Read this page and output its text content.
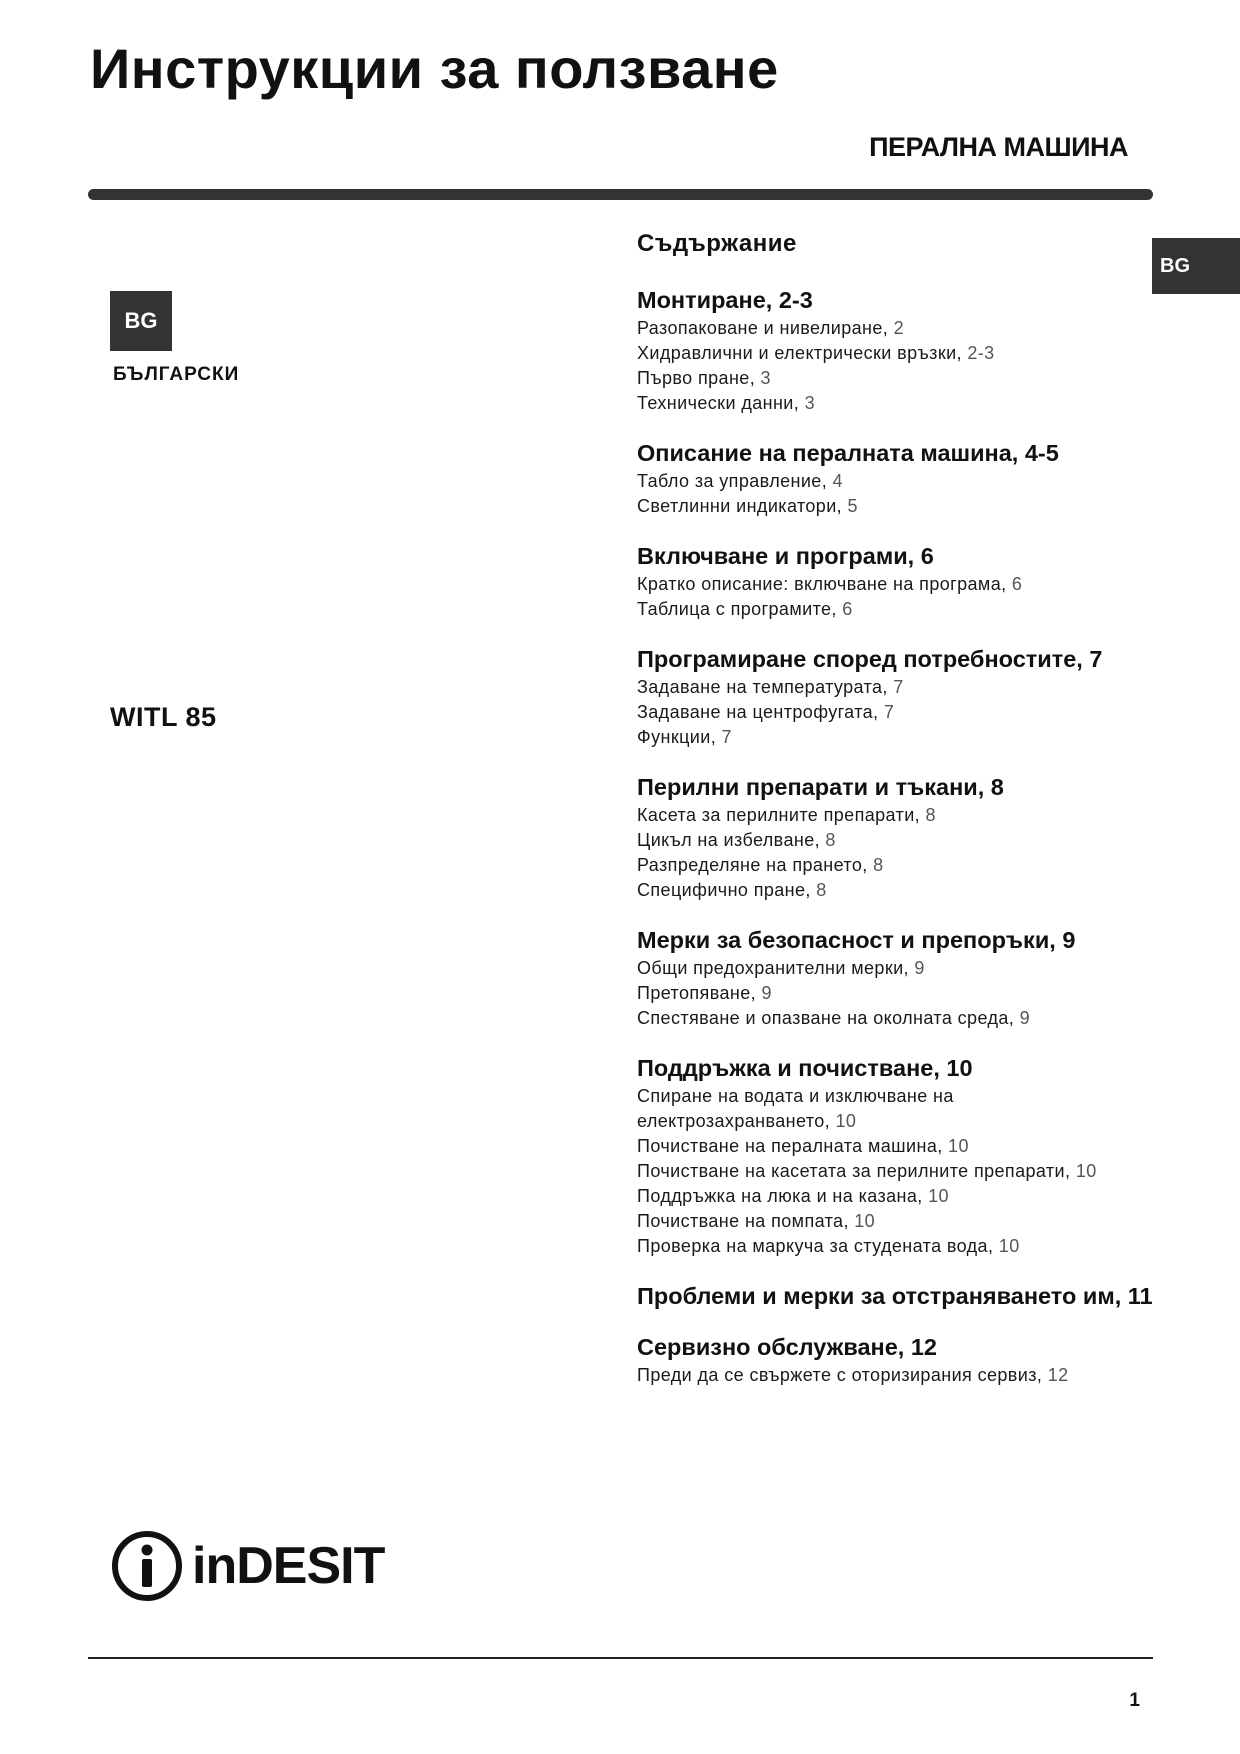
Инструкции за ползване
ПЕРАЛНА МАШИНА
BG
BG
БЪЛГАРСКИ
WITL 85
Съдържание
Монтиране, 2-3
Разопаковане и нивелиране, 2
Хидравлични и електрически връзки, 2-3
Първо пране, 3
Технически данни, 3
Описание на пералната машина, 4-5
Табло за управление, 4
Светлинни индикатори, 5
Включване и програми, 6
Кратко описание: включване на програма, 6
Таблица с програмите, 6
Програмиране според потребностите, 7
Задаване на температурата, 7
Задаване на центрофугата, 7
Функции, 7
Перилни препарати и тъкани, 8
Касета за перилните препарати, 8
Цикъл на избелване, 8
Разпределяне на прането, 8
Специфично пране, 8
Мерки за безопасност и препоръки, 9
Общи предохранителни мерки, 9
Претопяване, 9
Спестяване и опазване на околната среда, 9
Поддръжка и почистване, 10
Спиране на водата и изключване на
електрозахранването, 10
Почистване на пералната машина, 10
Почистване на касетата за перилните препарати, 10
Поддръжка на люка и на казана, 10
Почистване на помпата, 10
Проверка на маркуча за студената вода, 10
Проблеми и мерки за отстраняването им, 11
Сервизно обслужване, 12
Преди да се свържете с оторизирания сервиз, 12
inDESIT
1
